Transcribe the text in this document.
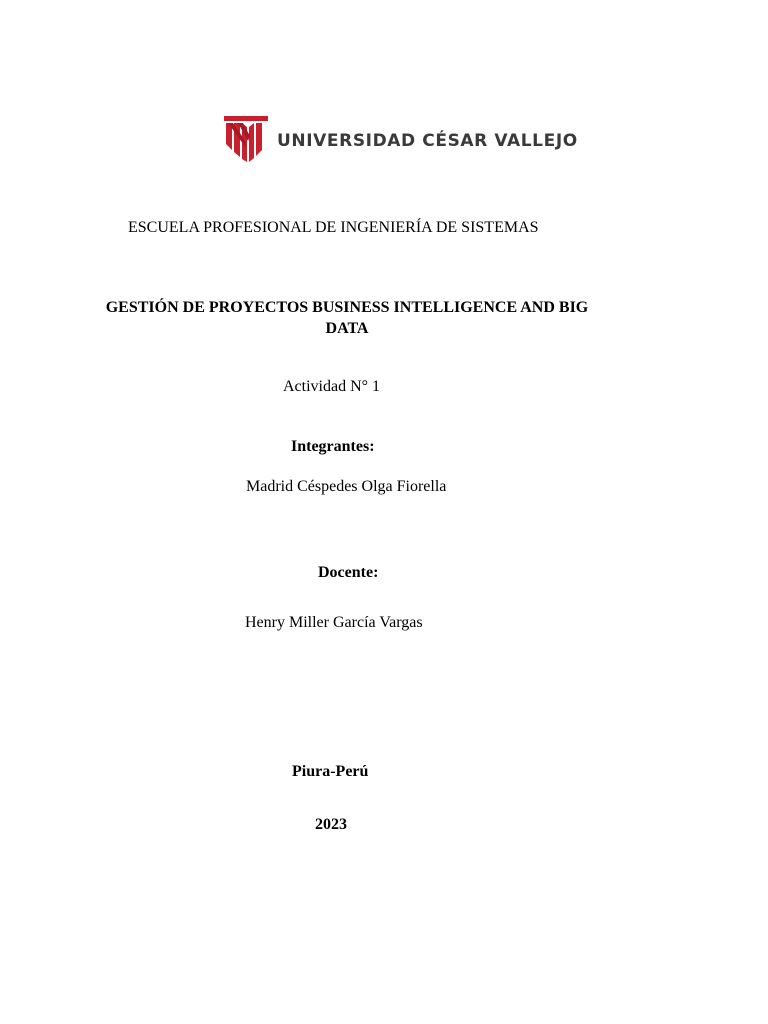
UNIVERSIDAD CÉSAR VALLEJO
ESCUELA PROFESIONAL DE INGENIERÍA DE SISTEMAS
GESTIÓN DE PROYECTOS BUSINESS INTELLIGENCE AND BIG DATA
Actividad N° 1
Integrantes:
Madrid Céspedes Olga Fiorella
Docente:
Henry Miller García Vargas
Piura-Perú
2023
